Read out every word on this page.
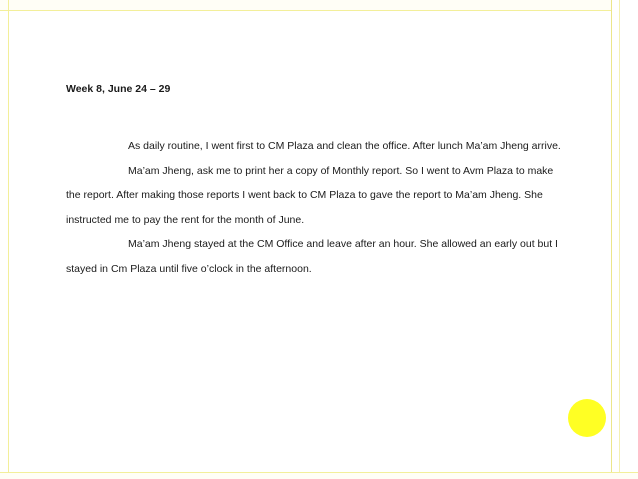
Week 8, June 24 – 29

As daily routine, I went first to CM Plaza and clean the office. After lunch Ma’am Jheng arrive.

Ma’am Jheng, ask me to print her a copy of Monthly report. So I went to Avm Plaza to make the report. After making those reports I went back to CM Plaza to gave the report to Ma’am Jheng. She instructed me to pay the rent for the month of June.

Ma’am Jheng stayed at the CM Office and leave after an hour. She allowed an early out but I stayed in Cm Plaza until five o’clock in the afternoon.
